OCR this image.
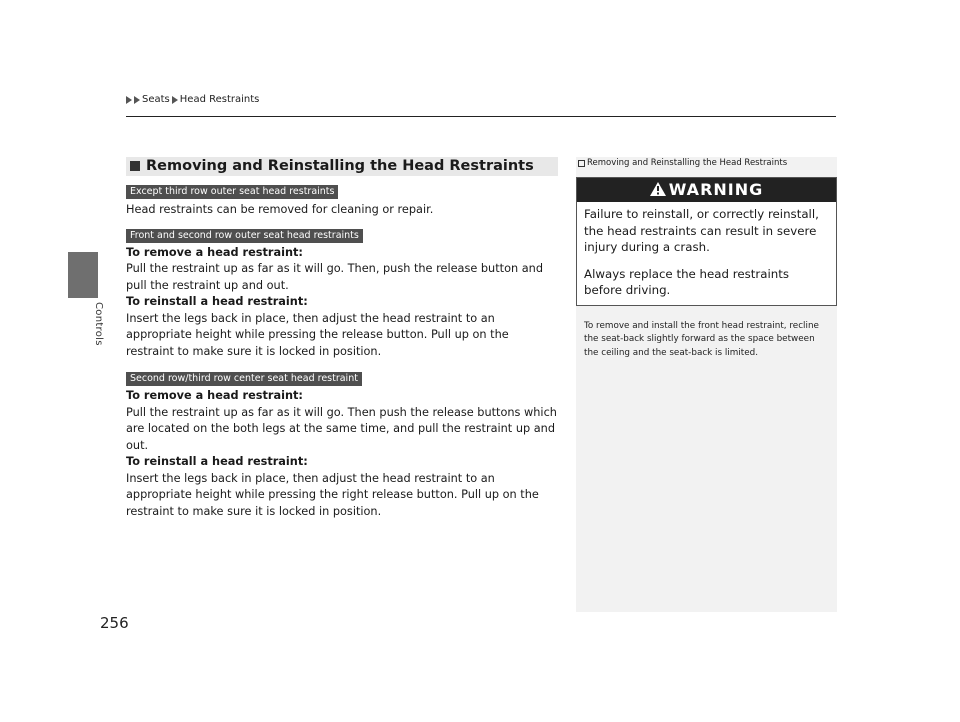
Seats Head Restraints
Controls
256
Removing and Reinstalling the Head Restraints
Except third row outer seat head restraints

Head restraints can be removed for cleaning or repair.

Front and second row outer seat head restraints

To remove a head restraint:

Pull the restraint up as far as it will go. Then, push the release button and pull the restraint up and out.

To reinstall a head restraint:

Insert the legs back in place, then adjust the head restraint to an appropriate height while pressing the release button. Pull up on the restraint to make sure it is locked in position.

Second row/third row center seat head restraint

To remove a head restraint:

Pull the restraint up as far as it will go. Then push the release buttons which are located on the both legs at the same time, and pull the restraint up and out.

To reinstall a head restraint:

Insert the legs back in place, then adjust the head restraint to an appropriate height while pressing the right release button. Pull up on the restraint to make sure it is locked in position.

Removing and Reinstalling the Head Restraints
WARNING
Failure to reinstall, or correctly reinstall, the head restraints can result in severe injury during a crash.
Always replace the head restraints before driving.
To remove and install the front head restraint, recline the seat-back slightly forward as the space between the ceiling and the seat-back is limited.
